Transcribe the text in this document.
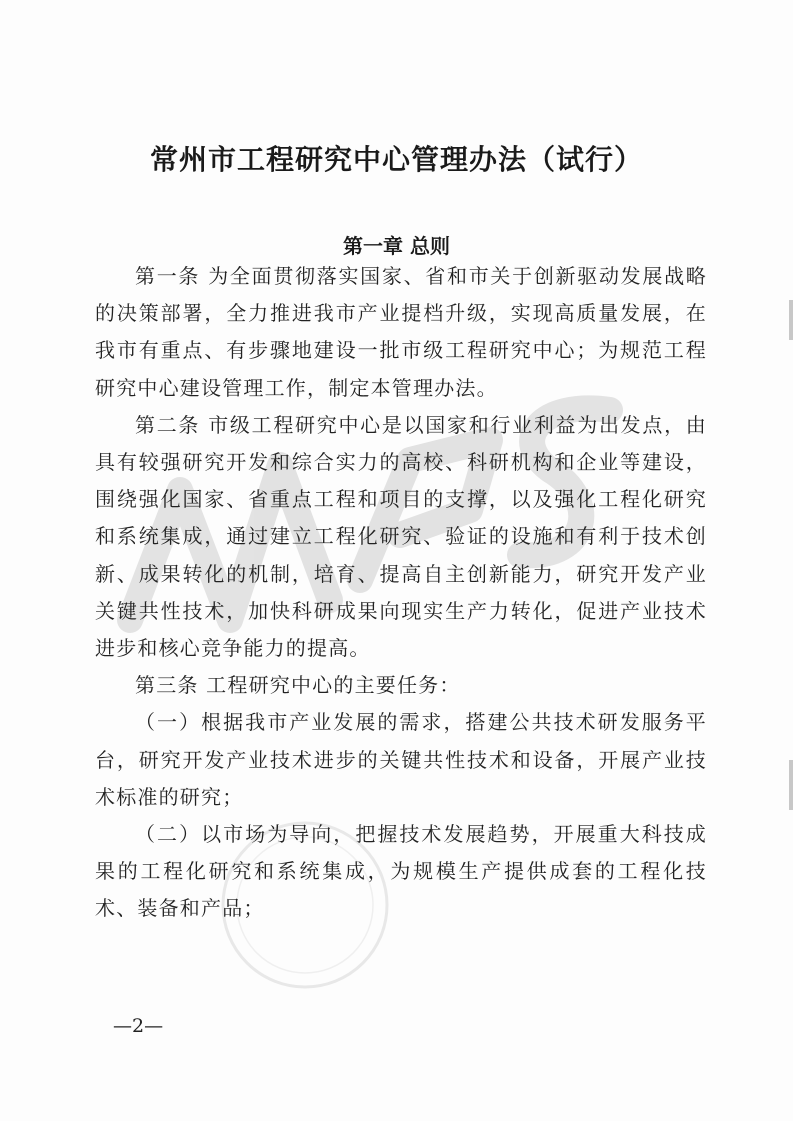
常州市工程研究中心管理办法（试行）
第一章 总则

第一条 为全面贯彻落实国家、省和市关于创新驱动发展战略的决策部署，全力推进我市产业提档升级，实现高质量发展，在我市有重点、有步骤地建设一批市级工程研究中心；为规范工程研究中心建设管理工作，制定本管理办法。

第二条 市级工程研究中心是以国家和行业利益为出发点，由具有较强研究开发和综合实力的高校、科研机构和企业等建设，围绕强化国家、省重点工程和项目的支撑，以及强化工程化研究和系统集成，通过建立工程化研究、验证的设施和有利于技术创新、成果转化的机制，培育、提高自主创新能力，研究开发产业关键共性技术，加快科研成果向现实生产力转化，促进产业技术进步和核心竞争能力的提高。

第三条 工程研究中心的主要任务：

（一）根据我市产业发展的需求，搭建公共技术研发服务平台，研究开发产业技术进步的关键共性技术和设备，开展产业技术标准的研究；

（二）以市场为导向，把握技术发展趋势，开展重大科技成果的工程化研究和系统集成，为规模生产提供成套的工程化技术、装备和产品；

—2—
